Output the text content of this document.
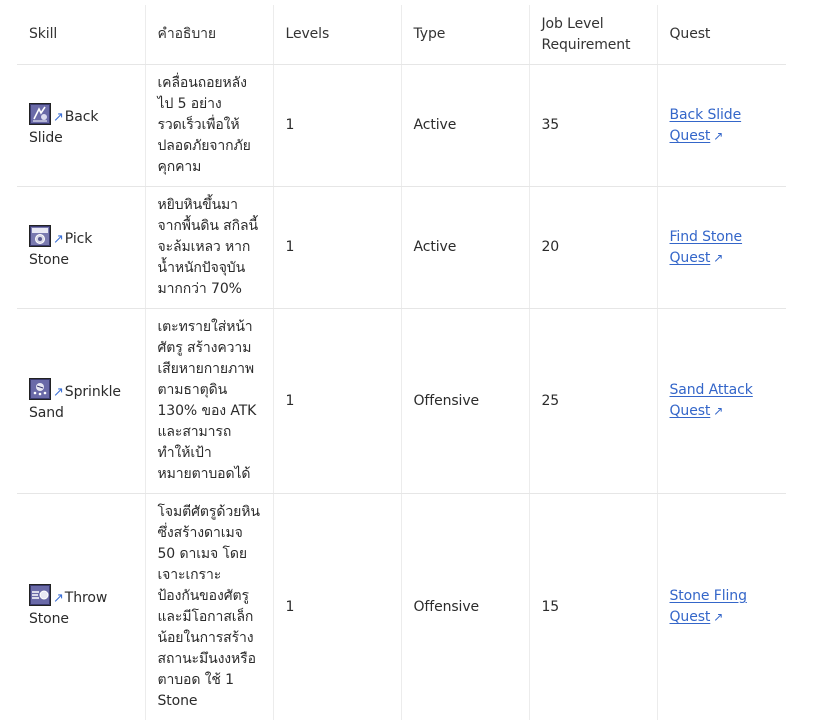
Skill	คำอธิบาย	Levels	Type	Job Level Requirement	Quest
↗Back Slide	เคลื่อนถอยหลังไป 5 อย่างรวดเร็วเพื่อให้ปลอดภัยจากภัยคุกคาม	1	Active	35	Back Slide Quest ↗
↗Pick Stone	หยิบหินขึ้นมาจากพื้นดิน สกิลนี้จะล้มเหลว หากน้ำหนักปัจจุบันมากกว่า 70%	1	Active	20	Find Stone Quest ↗
↗Sprinkle Sand	เตะทรายใส่หน้าศัตรู สร้างความเสียหายกายภาพตามธาตุดิน 130% ของ ATK และสามารถทำให้เป้าหมายตาบอดได้	1	Offensive	25	Sand Attack Quest ↗
↗Throw Stone	โจมตีศัตรูด้วยหินซึ่งสร้างดาเมจ 50 ดาเมจ โดยเจาะเกราะป้องกันของศัตรู และมีโอกาสเล็กน้อยในการสร้างสถานะมึนงงหรือตาบอด ใช้ 1 Stone	1	Offensive	15	Stone Fling Quest ↗
